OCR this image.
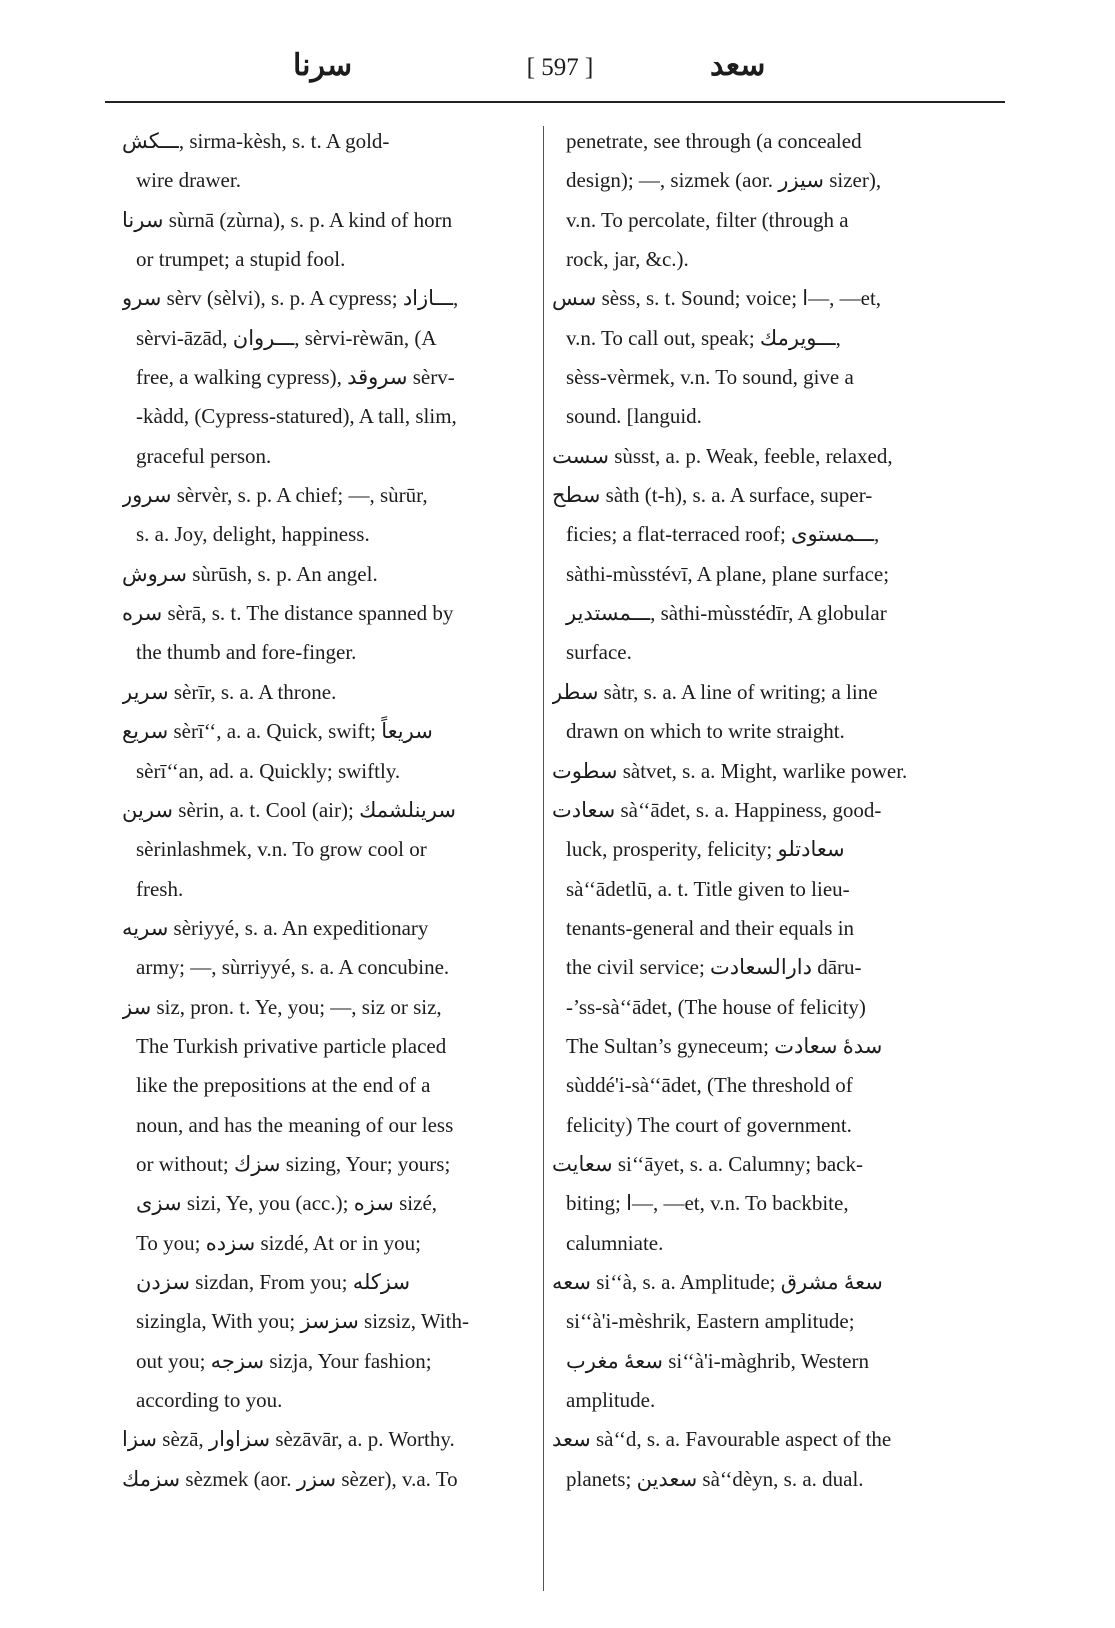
سرنا	[ 597 ]	سعد
ـــكش, sirma-kèsh, s. t. A gold-
wire drawer.
سرنا sùrnā (zùrna), s. p. A kind of horn
or trumpet; a stupid fool.
سرو sèrv (sèlvi), s. p. A cypress; ـــازاد,
sèrvi-āzād, ـــروان, sèrvi-rèwān, (A
free, a walking cypress), سروقد sèrv-
-kàdd, (Cypress-statured), A tall, slim,
graceful person.
سرور sèrvèr, s. p. A chief; —, sùrūr,
s. a. Joy, delight, happiness.
سروش sùrūsh, s. p. An angel.
سره sèrā, s. t. The distance spanned by
the thumb and fore-finger.
سرير sèrīr, s. a. A throne.
سريع sèrī‘‘, a. a. Quick, swift; سريعاً
sèrī‘‘an, ad. a. Quickly; swiftly.
سرين sèrin, a. t. Cool (air); سرينلشمك
sèrinlashmek, v.n. To grow cool or
fresh.
سريه sèriyyé, s. a. An expeditionary
army; —, sùrriyyé, s. a. A concubine.
سز siz, pron. t. Ye, you; —, siz or siz,
The Turkish privative particle placed
like the prepositions at the end of a
noun, and has the meaning of our less
or without; سزك sizing, Your; yours;
سزى sizi, Ye, you (acc.); سزه sizé,
To you; سزده sizdé, At or in you;
سزدن sizdan, From you; سزكله
sizingla, With you; سزسز sizsiz, With-
out you; سزجه sizja, Your fashion;
according to you.
سزا sèzā, سزاوار sèzāvār, a. p. Worthy.
سزمك sèzmek (aor. سزر sèzer), v.a. To
penetrate, see through (a concealed
design); —, sizmek (aor. سيزر sizer),
v.n. To percolate, filter (through a
rock, jar, &c.).
سس sèss, s. t. Sound; voice; ا—, —et,
v.n. To call out, speak; ـــويرمك,
sèss-vèrmek, v.n. To sound, give a
sound. [languid.
سست sùsst, a. p. Weak, feeble, relaxed,
سطح sàth (t-h), s. a. A surface, super-
ficies; a flat-terraced roof; ـــمستوى,
sàthi-mùsstévī, A plane, plane surface;
ـــمستدير, sàthi-mùsstédīr, A globular
surface.
سطر sàtr, s. a. A line of writing; a line
drawn on which to write straight.
سطوت sàtvet, s. a. Might, warlike power.
سعادت sà‘‘ādet, s. a. Happiness, good-
luck, prosperity, felicity; سعادتلو
sà‘‘ādetlū, a. t. Title given to lieu-
tenants-general and their equals in
the civil service; دارالسعادت dāru-
-’ss-sà‘‘ādet, (The house of felicity)
The Sultan’s gyneceum; سدۀ سعادت
sùddé'i-sà‘‘ādet, (The threshold of
felicity) The court of government.
سعايت si‘‘āyet, s. a. Calumny; back-
biting; ا—, —et, v.n. To backbite,
calumniate.
سعه si‘‘à, s. a. Amplitude; سعۀ مشرق
si‘‘à'i-mèshrik, Eastern amplitude;
سعۀ مغرب si‘‘à'i-màghrib, Western
amplitude.
سعد sà‘‘d, s. a. Favourable aspect of the
planets; سعدين sà‘‘dèyn, s. a. dual.
